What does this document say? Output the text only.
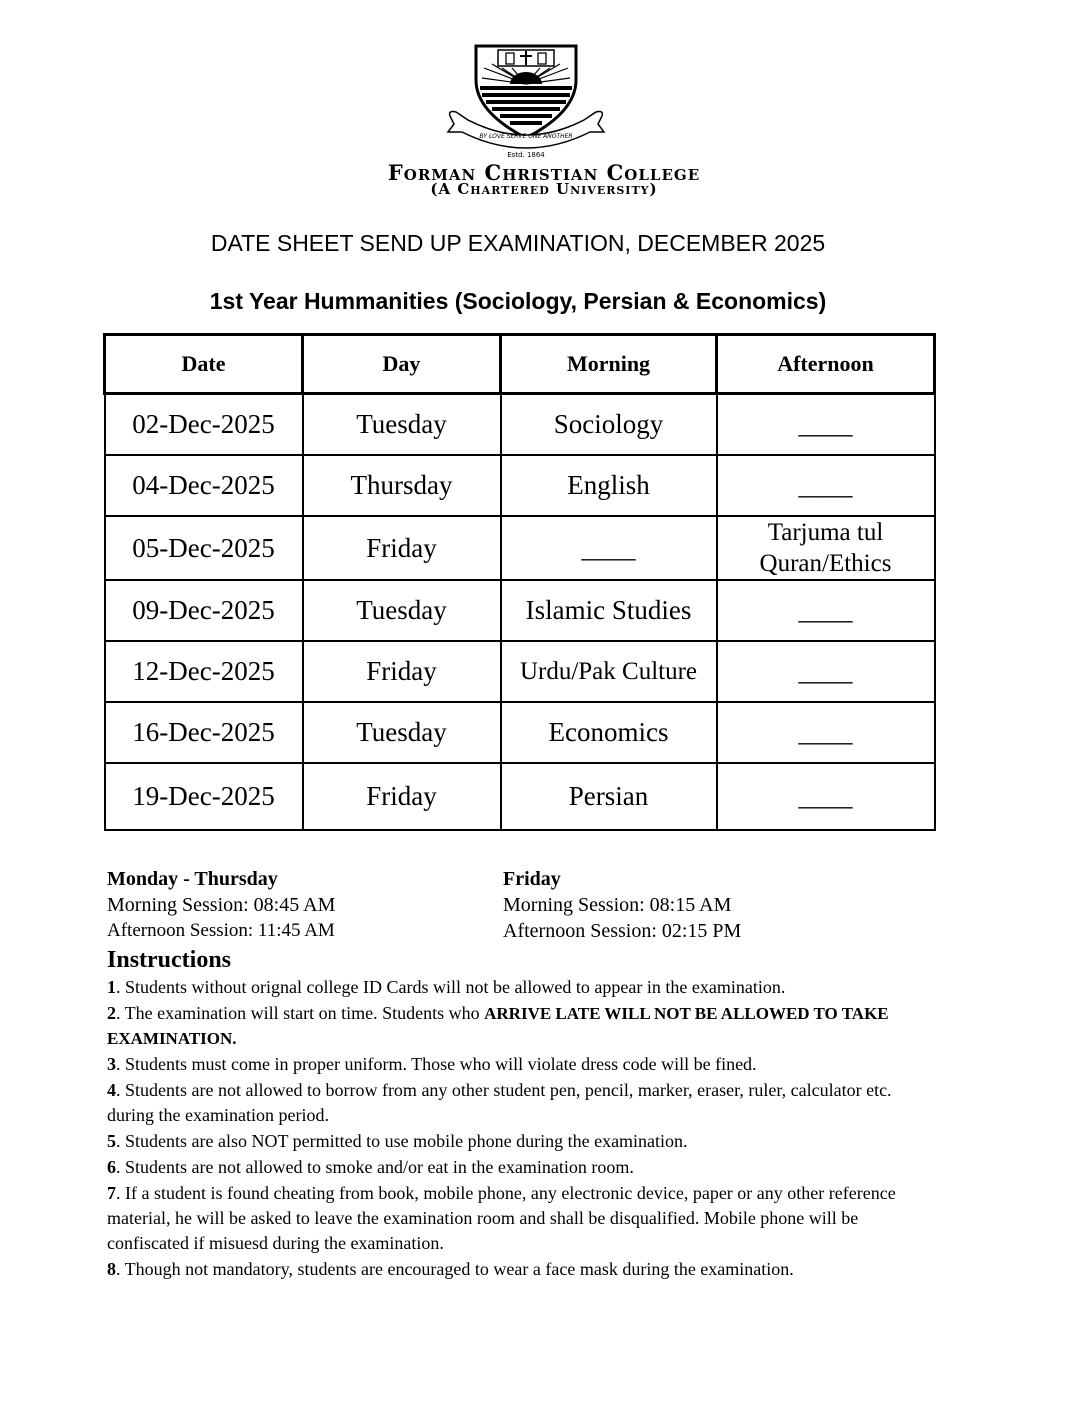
BY LOVE SERVE ONE ANOTHER
Estd. 1864
Forman Christian College
(A Chartered University)
DATE SHEET SEND UP EXAMINATION, DECEMBER 2025
1st Year Hummanities (Sociology, Persian & Economics)
Date	Day	Morning	Afternoon
02-Dec-2025	Tuesday	Sociology	____
04-Dec-2025	Thursday	English	____
05-Dec-2025	Friday	____	Tarjuma tul Quran/Ethics
09-Dec-2025	Tuesday	Islamic Studies	____
12-Dec-2025	Friday	Urdu/Pak Culture	____
16-Dec-2025	Tuesday	Economics	____
19-Dec-2025	Friday	Persian	____
Monday - Thursday
Morning Session: 08:45 AM
Afternoon Session: 11:45 AM
Friday
Morning Session: 08:15 AM
Afternoon Session: 02:15 PM
Instructions

1. Students without orignal college ID Cards will not be allowed to appear in the examination.

2. The examination will start on time. Students who ARRIVE LATE WILL NOT BE ALLOWED TO TAKE EXAMINATION.

3. Students must come in proper uniform. Those who will violate dress code will be fined.

4. Students are not allowed to borrow from any other student pen, pencil, marker, eraser, ruler, calculator etc. during the examination period.

5. Students are also NOT permitted to use mobile phone during the examination.

6. Students are not allowed to smoke and/or eat in the examination room.

7. If a student is found cheating from book, mobile phone, any electronic device, paper or any other reference material, he will be asked to leave the examination room and shall be disqualified. Mobile phone will be confiscated if misuesd during the examination.

8. Though not mandatory, students are encouraged to wear a face mask during the examination.
